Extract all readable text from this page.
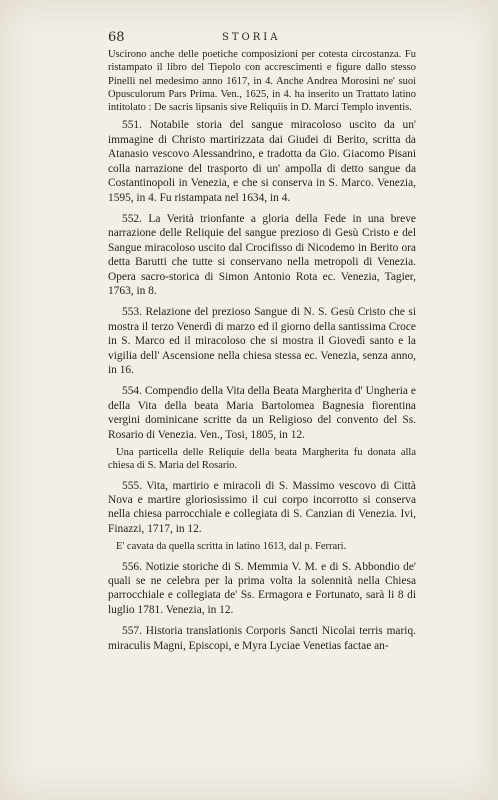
68	STORIA

Uscirono anche delle poetiche composizioni per cotesta circostanza. Fu ristampato il libro del Tiepolo con accrescimenti e figure dallo stesso Pinelli nel medesimo anno 1617, in 4. Anche Andrea Morosini ne' suoi Opusculorum Pars Prima. Ven., 1625, in 4. ha inserito un Trattato latino intitolato : De sacris lipsanis sive Reliquiis in D. Marci Templo inventis.

551. Notabile storia del sangue miracoloso uscito da un' immagine di Christo martirizzata dai Giudei di Berito, scritta da Atanasio vescovo Alessandrino, e tradotta da Gio. Giacomo Pisani colla narrazione del trasporto di un' ampolla di detto sangue da Costantinopoli in Venezia, e che si conserva in S. Marco. Venezia, 1595, in 4. Fu ristampata nel 1634, in 4.

552. La Verità trionfante a gloria della Fede in una breve narrazione delle Reliquie del sangue prezioso di Gesù Cristo e del Sangue miracoloso uscito dal Crocifisso di Nicodemo in Berito ora detta Barutti che tutte si conservano nella metropoli di Venezia. Opera sacro-storica di Simon Antonio Rota ec. Venezia, Tagier, 1763, in 8.

553. Relazione del prezioso Sangue di N. S. Gesù Cristo che si mostra il terzo Venerdì di marzo ed il giorno della santissima Croce in S. Marco ed il miracoloso che si mostra il Giovedì santo e la vigilia dell' Ascensione nella chiesa stessa ec. Venezia, senza anno, in 16.

554. Compendio della Vita della Beata Margherita d' Ungheria e della Vita della beata Maria Bartolomea Bagnesia fiorentina vergini dominicane scritte da un Religioso del convento del Ss. Rosario di Venezia. Ven., Tosi, 1805, in 12.

Una particella delle Reliquie della beata Margherita fu donata alla chiesa di S. Maria del Rosario.

555. Vita, martirio e miracoli di S. Massimo vescovo di Città Nova e martire gloriosissimo il cui corpo incorrotto si conserva nella chiesa parrocchiale e collegiata di S. Canzian di Venezia. Ivi, Finazzi, 1717, in 12.

E' cavata da quella scritta in latino 1613, dal p. Ferrari.

556. Notizie storiche di S. Memmia V. M. e di S. Abbondio de' quali se ne celebra per la prima volta la solennità nella Chiesa parrocchiale e collegiata de' Ss. Ermagora e Fortunato, sarà li 8 di luglio 1781. Venezia, in 12.

557. Historia translationis Corporis Sancti Nicolai terris mariq. miraculis Magni, Episcopi, e Myra Lyciae Venetias factae an-
